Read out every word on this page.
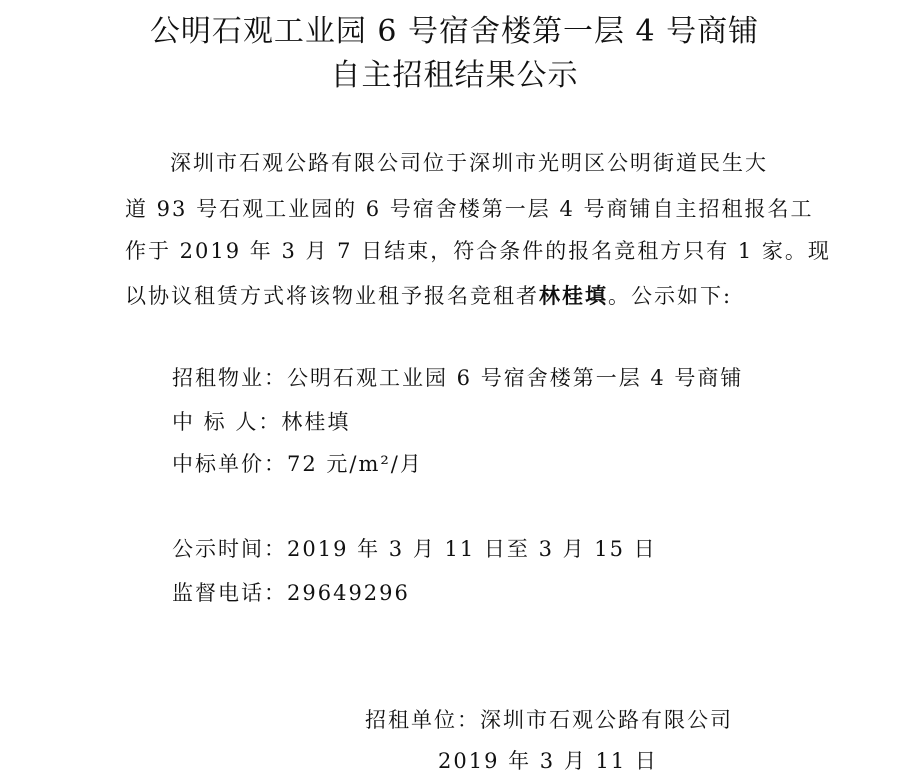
公明石观工业园 6 号宿舍楼第一层 4 号商铺
自主招租结果公示
深圳市石观公路有限公司位于深圳市光明区公明街道民生大
道 93 号石观工业园的 6 号宿舍楼第一层 4 号商铺自主招租报名工
作于 2019 年 3 月 7 日结束，符合条件的报名竞租方只有 1 家。现
以协议租赁方式将该物业租予报名竞租者林桂填。公示如下:
招租物业：公明石观工业园 6 号宿舍楼第一层 4 号商铺
中 标 人：林桂填
中标单价：72 元/m²/月
公示时间：2019 年 3 月 11 日至 3 月 15 日
监督电话：29649296
招租单位：深圳市石观公路有限公司
2019 年 3 月 11 日
